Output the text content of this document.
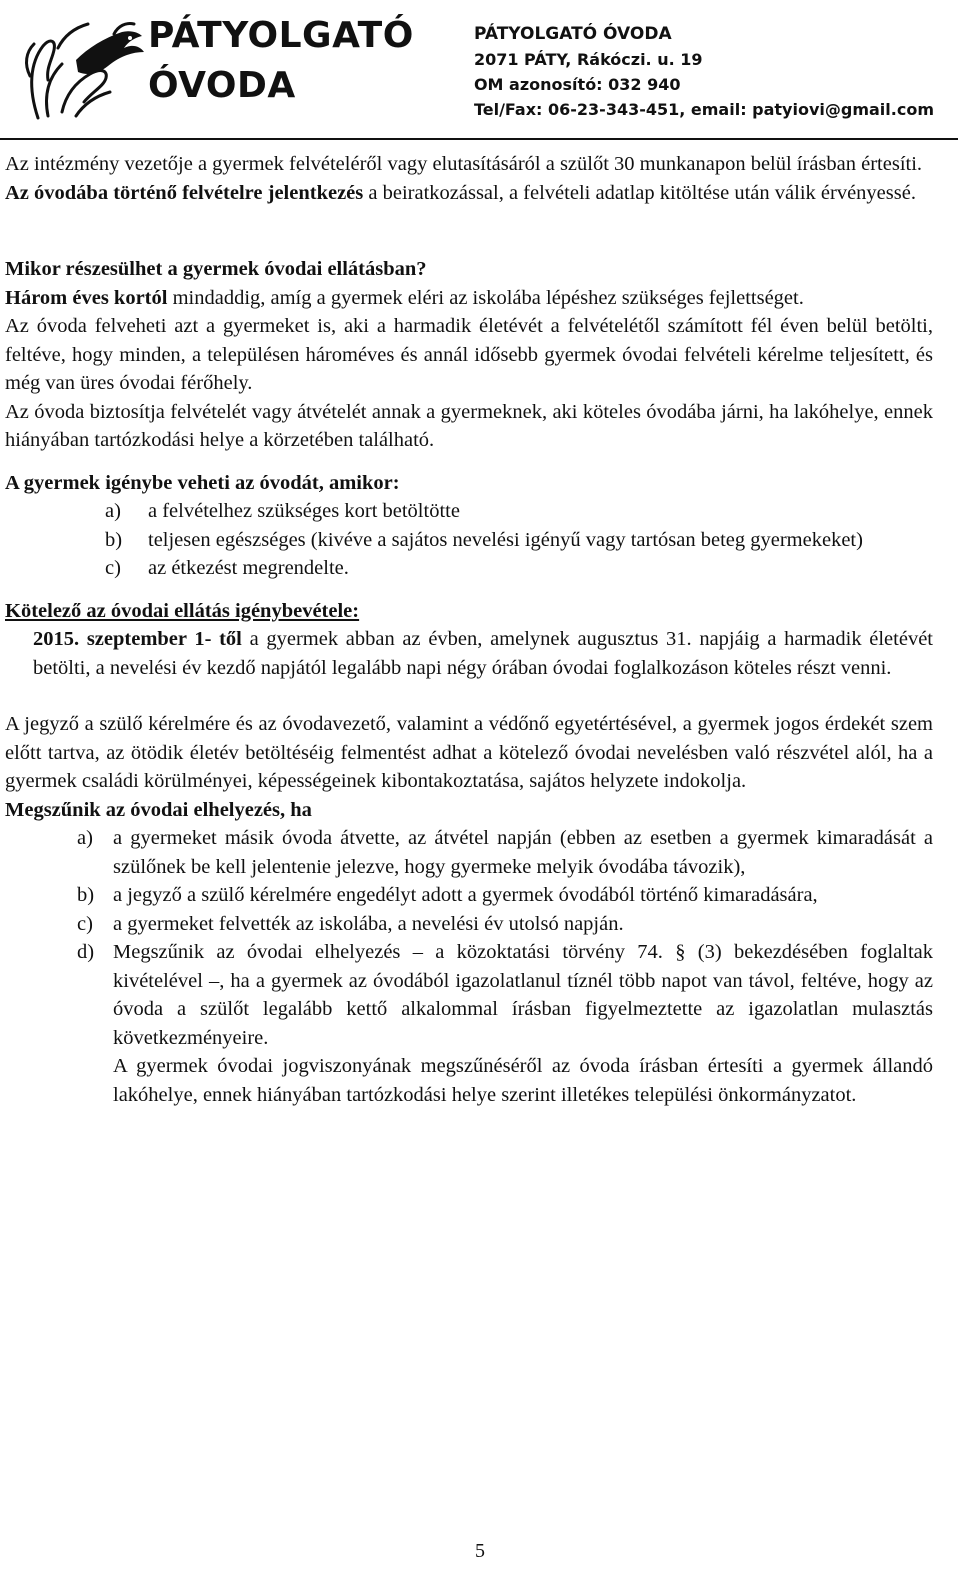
PÁTYOLGATÓ
ÓVODA
PÁTYOLGATÓ ÓVODA
2071 PÁTY, Rákóczi. u. 19
OM azonosító: 032 940
Tel/Fax: 06-23-343-451, email: patyiovi@gmail.com

Az intézmény vezetője a gyermek felvételéről vagy elutasításáról a szülőt 30 munkanapon belül írásban értesíti.

Az óvodába történő felvételre jelentkezés a beiratkozással, a felvételi adatlap kitöltése után válik érvényessé.

Mikor részesülhet a gyermek óvodai ellátásban?

Három éves kortól mindaddig, amíg a gyermek eléri az iskolába lépéshez szükséges fejlettséget.

Az óvoda felveheti azt a gyermeket is, aki a harmadik életévét a felvételétől számított fél éven belül betölti, feltéve, hogy minden, a településen hároméves és annál idősebb gyermek óvodai felvételi kérelme teljesített, és még van üres óvodai férőhely.

Az óvoda biztosítja felvételét vagy átvételét annak a gyermeknek, aki köteles óvodába járni, ha lakóhelye, ennek hiányában tartózkodási helye a körzetében található.

A gyermek igénybe veheti az óvodát, amikor:

a) a felvételhez szükséges kort betöltötte
b) teljesen egészséges (kivéve a sajátos nevelési igényű vagy tartósan beteg gyermekeket)
c) az étkezést megrendelte.

Kötelező az óvodai ellátás igénybevétele:

2015. szeptember 1- től a gyermek abban az évben, amelynek augusztus 31. napjáig a harmadik életévét betölti, a nevelési év kezdő napjától legalább napi négy órában óvodai foglalkozáson köteles részt venni.

A jegyző a szülő kérelmére és az óvodavezető, valamint a védőnő egyetértésével, a gyermek jogos érdekét szem előtt tartva, az ötödik életév betöltéséig felmentést adhat a kötelező óvodai nevelésben való részvétel alól, ha a gyermek családi körülményei, képességeinek kibontakoztatása, sajátos helyzete indokolja.

Megszűnik az óvodai elhelyezés, ha

a) a gyermeket másik óvoda átvette, az átvétel napján (ebben az esetben a gyermek kimaradását a szülőnek be kell jelentenie jelezve, hogy gyermeke melyik óvodába távozik),
b) a jegyző a szülő kérelmére engedélyt adott a gyermek óvodából történő kimaradására,
c) a gyermeket felvették az iskolába, a nevelési év utolsó napján.
d) Megszűnik az óvodai elhelyezés – a közoktatási törvény 74. § (3) bekezdésében foglaltak kivételével –, ha a gyermek az óvodából igazolatlanul tíznél több napot van távol, feltéve, hogy az óvoda a szülőt legalább kettő alkalommal írásban figyelmeztette az igazolatlan mulasztás következményeire.
A gyermek óvodai jogviszonyának megszűnéséről az óvoda írásban értesíti a gyermek állandó lakóhelye, ennek hiányában tartózkodási helye szerint illetékes települési önkormányzatot.
5
